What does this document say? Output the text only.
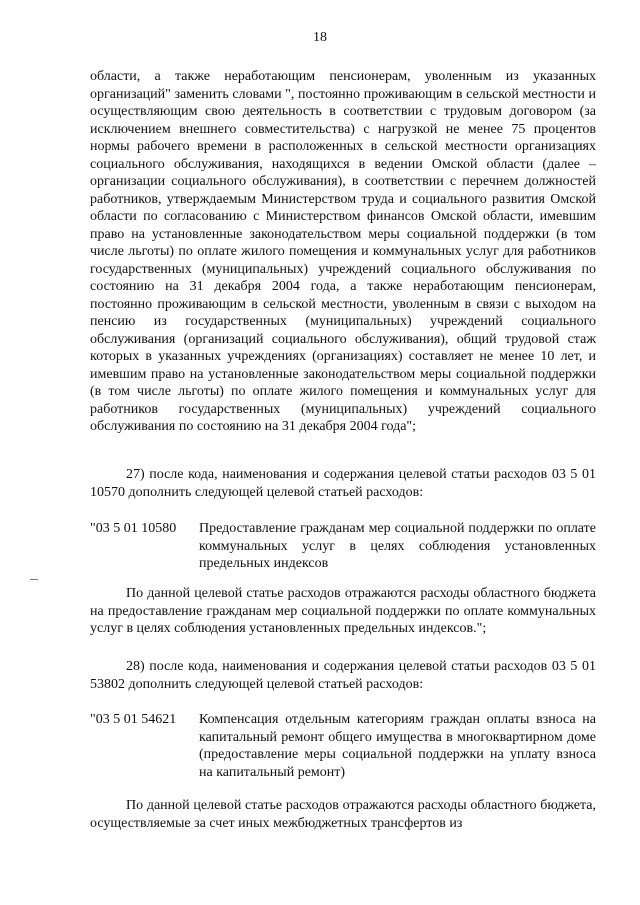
18

области, а также неработающим пенсионерам, уволенным из указанных организаций" заменить словами ", постоянно проживающим в сельской местности и осуществляющим свою деятельность в соответствии с трудовым договором (за исключением внешнего совместительства) с нагрузкой не менее 75 процентов нормы рабочего времени в расположенных в сельской местности организациях социального обслуживания, находящихся в ведении Омской области (далее – организации социального обслуживания), в соответствии с перечнем должностей работников, утверждаемым Министерством труда и социального развития Омской области по согласованию с Министерством финансов Омской области, имевшим право на установленные законодательством меры социальной поддержки (в том числе льготы) по оплате жилого помещения и коммунальных услуг для работников государственных (муниципальных) учреждений социального обслуживания по состоянию на 31 декабря 2004 года, а также неработающим пенсионерам, постоянно проживающим в сельской местности, уволенным в связи с выходом на пенсию из государственных (муниципальных) учреждений социального обслуживания (организаций социального обслуживания), общий трудовой стаж которых в указанных учреждениях (организациях) составляет не менее 10 лет, и имевшим право на установленные законодательством меры социальной поддержки (в том числе льготы) по оплате жилого помещения и коммунальных услуг для работников государственных (муниципальных) учреждений социального обслуживания по состоянию на 31 декабря 2004 года";

27) после кода, наименования и содержания целевой статьи расходов 03 5 01 10570 дополнить следующей целевой статьей расходов:

"03 5 01 10580	Предоставление гражданам мер социальной поддержки по оплате коммунальных услуг в целях соблюдения установленных предельных индексов

По данной целевой статье расходов отражаются расходы областного бюджета на предоставление гражданам мер социальной поддержки по оплате коммунальных услуг в целях соблюдения установленных предельных индексов.";

28) после кода, наименования и содержания целевой статьи расходов 03 5 01 53802 дополнить следующей целевой статьей расходов:

"03 5 01 54621	Компенсация отдельным категориям граждан оплаты взноса на капитальный ремонт общего имущества в многоквартирном доме (предоставление меры социальной поддержки на уплату взноса на капитальный ремонт)

По данной целевой статье расходов отражаются расходы областного бюджета, осуществляемые за счет иных межбюджетных трансфертов из
